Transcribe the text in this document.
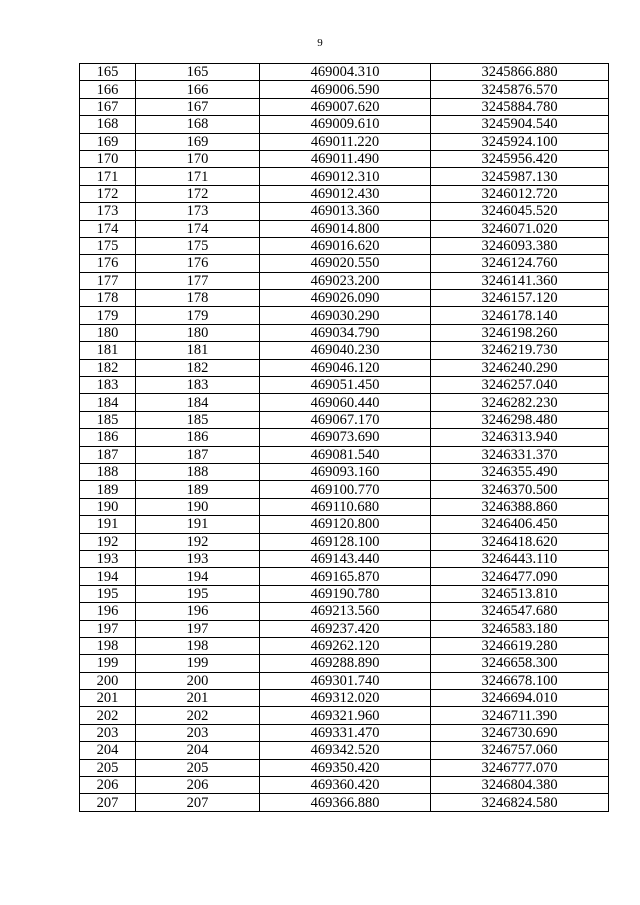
9
165	165	469004.310	3245866.880
166	166	469006.590	3245876.570
167	167	469007.620	3245884.780
168	168	469009.610	3245904.540
169	169	469011.220	3245924.100
170	170	469011.490	3245956.420
171	171	469012.310	3245987.130
172	172	469012.430	3246012.720
173	173	469013.360	3246045.520
174	174	469014.800	3246071.020
175	175	469016.620	3246093.380
176	176	469020.550	3246124.760
177	177	469023.200	3246141.360
178	178	469026.090	3246157.120
179	179	469030.290	3246178.140
180	180	469034.790	3246198.260
181	181	469040.230	3246219.730
182	182	469046.120	3246240.290
183	183	469051.450	3246257.040
184	184	469060.440	3246282.230
185	185	469067.170	3246298.480
186	186	469073.690	3246313.940
187	187	469081.540	3246331.370
188	188	469093.160	3246355.490
189	189	469100.770	3246370.500
190	190	469110.680	3246388.860
191	191	469120.800	3246406.450
192	192	469128.100	3246418.620
193	193	469143.440	3246443.110
194	194	469165.870	3246477.090
195	195	469190.780	3246513.810
196	196	469213.560	3246547.680
197	197	469237.420	3246583.180
198	198	469262.120	3246619.280
199	199	469288.890	3246658.300
200	200	469301.740	3246678.100
201	201	469312.020	3246694.010
202	202	469321.960	3246711.390
203	203	469331.470	3246730.690
204	204	469342.520	3246757.060
205	205	469350.420	3246777.070
206	206	469360.420	3246804.380
207	207	469366.880	3246824.580
